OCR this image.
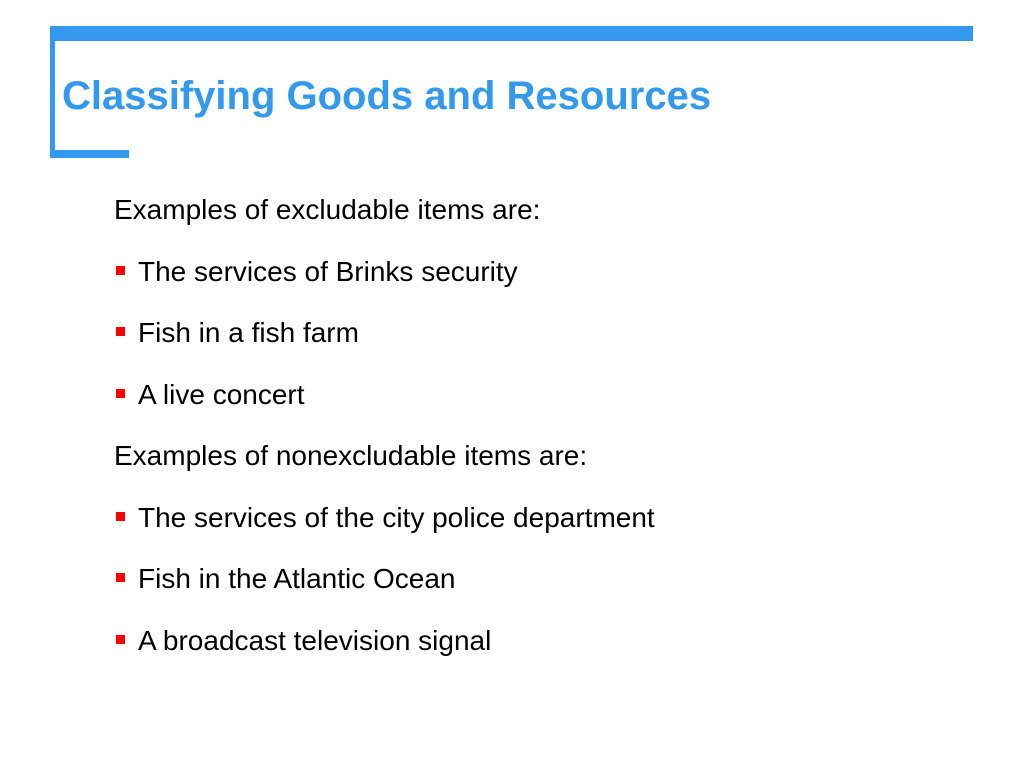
Classifying Goods and Resources
Examples of excludable items are:
The services of Brinks security
Fish in a fish farm
A live concert
Examples of nonexcludable items are:
The services of the city police department
Fish in the Atlantic Ocean
A broadcast television signal
